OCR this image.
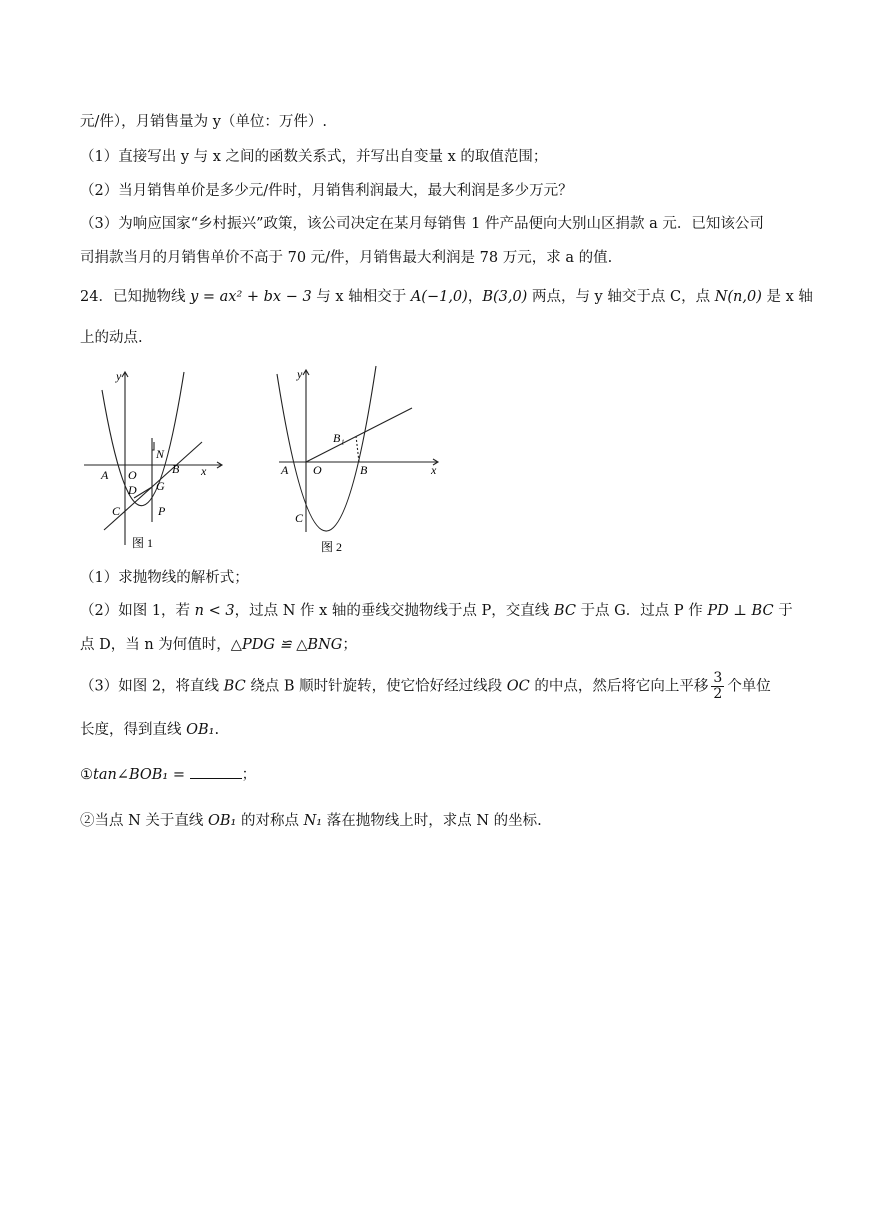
元/件），月销售量为 y（单位：万件）.
（1）直接写出 y 与 x 之间的函数关系式，并写出自变量 x 的取值范围；
（2）当月销售单价是多少元/件时，月销售利润最大，最大利润是多少万元？
（3）为响应国家“乡村振兴”政策，该公司决定在某月每销售 1 件产品便向大别山区捐款 a 元．已知该公司
司捐款当月的月销售单价不高于 70 元/件，月销售最大利润是 78 万元，求 a 的值.
24．已知抛物线 y = ax² + bx − 3 与 x 轴相交于 A(−1,0)，B(3,0) 两点，与 y 轴交于点 C，点 N(n,0) 是 x 轴
上的动点.
y
x
A O	B
N
G
D
C	P
图 1
y
x
A O	B
B₁
C
图 2
（1）求抛物线的解析式；
（2）如图 1，若 n < 3，过点 N 作 x 轴的垂线交抛物线于点 P，交直线 BC 于点 G．过点 P 作 PD ⊥ BC 于
点 D，当 n 为何值时，△PDG ≌ △BNG；
（3）如图 2，将直线 BC 绕点 B 顺时针旋转，使它恰好经过线段 OC 的中点，然后将它向上平移 $\frac{3}{2}$ 个单位
长度，得到直线 OB₁.
①tan∠BOB₁ =	；
②当点 N 关于直线 OB₁ 的对称点 N₁ 落在抛物线上时，求点 N 的坐标.
